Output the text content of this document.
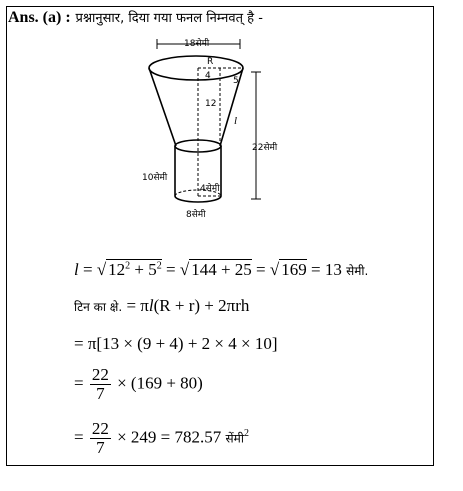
Ans. (a) : प्रश्नानुसार, दिया गया फनल निम्नवत् है -
18सेमी
R
4 5
12
l
22सेमी
10सेमी
4सेमी
8सेमी
l = √ $12^2 + 5^2$ = √ 144 + 25 = √ 169 = 13 सेमी.
टिन का क्षे. = πl(R + r) + 2πrh
= π[13 × (9 + 4) + 2 × 4 × 10]
= $\frac{22}{7} \times (169 + 80)$
= $\frac{22}{7} \times 249 = 782.57$ सेंमी$^2$
